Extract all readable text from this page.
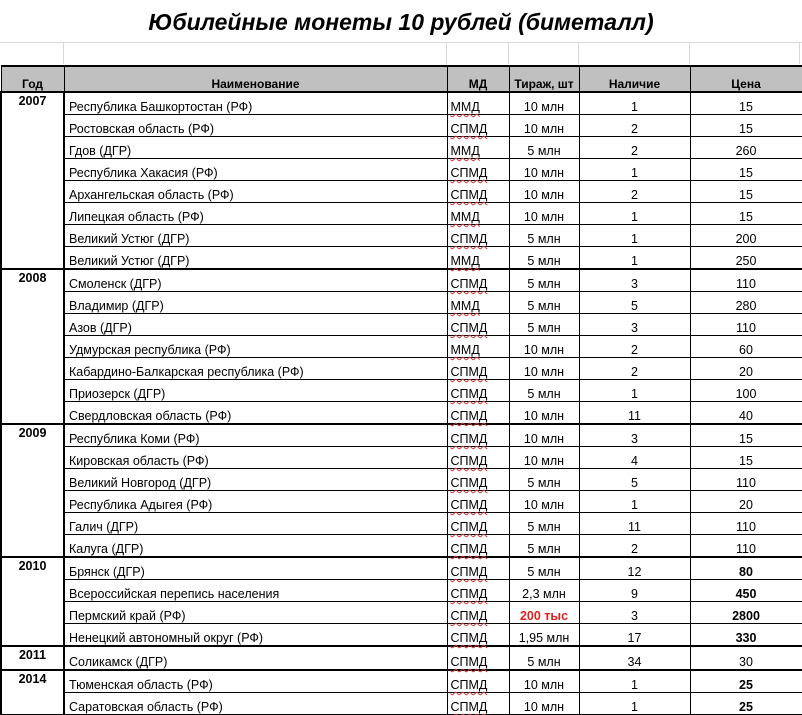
Юбилейные монеты 10 рублей (биметалл)
Год	Наименование	МД	Тираж, шт	Наличие	Цена
2007	Республика Башкортостан (РФ)	ММД	10 млн	1	15
	Ростовская область (РФ)	СПМД	10 млн	2	15
	Гдов (ДГР)	ММД	5 млн	2	260
	Республика Хакасия (РФ)	СПМД	10 млн	1	15
	Архангельская область (РФ)	СПМД	10 млн	2	15
	Липецкая область (РФ)	ММД	10 млн	1	15
	Великий Устюг (ДГР)	СПМД	5 млн	1	200
	Великий Устюг (ДГР)	ММД	5 млн	1	250
2008	Смоленск (ДГР)	СПМД	5 млн	3	110
	Владимир (ДГР)	ММД	5 млн	5	280
	Азов (ДГР)	СПМД	5 млн	3	110
	Удмурская республика (РФ)	ММД	10 млн	2	60
	Кабардино-Балкарская республика (РФ)	СПМД	10 млн	2	20
	Приозерск (ДГР)	СПМД	5 млн	1	100
	Свердловская область (РФ)	СПМД	10 млн	11	40
2009	Республика Коми (РФ)	СПМД	10 млн	3	15
	Кировская область (РФ)	СПМД	10 млн	4	15
	Великий Новгород (ДГР)	СПМД	5 млн	5	110
	Республика Адыгея (РФ)	СПМД	10 млн	1	20
	Галич (ДГР)	СПМД	5 млн	11	110
	Калуга (ДГР)	СПМД	5 млн	2	110
2010	Брянск (ДГР)	СПМД	5 млн	12	80
	Всероссийская перепись населения	СПМД	2,3 млн	9	450
	Пермский край (РФ)	СПМД	200 тыс	3	2800
	Ненецкий автономный округ (РФ)	СПМД	1,95 млн	17	330
2011	Соликамск (ДГР)	СПМД	5 млн	34	30
2014	Тюменская область (РФ)	СПМД	10 млн	1	25
	Саратовская область (РФ)	СПМД	10 млн	1	25
